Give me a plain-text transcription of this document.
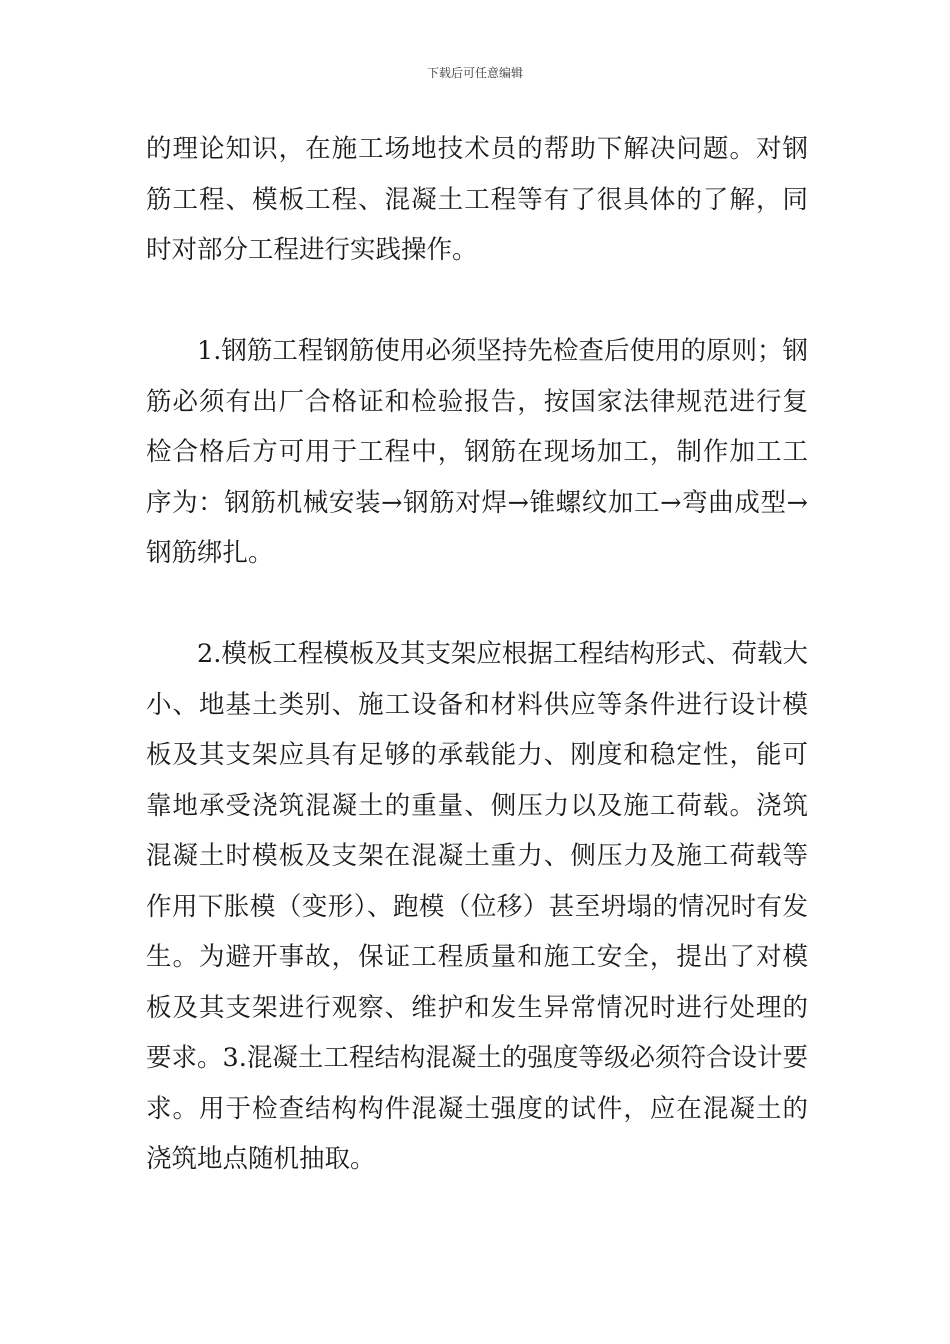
下载后可任意编辑

的理论知识，在施工场地技术员的帮助下解决问题。对钢筋工程、模板工程、混凝土工程等有了很具体的了解，同时对部分工程进行实践操作。

1.钢筋工程钢筋使用必须坚持先检查后使用的原则；钢筋必须有出厂合格证和检验报告，按国家法律规范进行复检合格后方可用于工程中，钢筋在现场加工，制作加工工序为：钢筋机械安装→钢筋对焊→锥螺纹加工→弯曲成型→钢筋绑扎。

2.模板工程模板及其支架应根据工程结构形式、荷载大小、地基土类别、施工设备和材料供应等条件进行设计模板及其支架应具有足够的承载能力、刚度和稳定性，能可靠地承受浇筑混凝土的重量、侧压力以及施工荷载。浇筑混凝土时模板及支架在混凝土重力、侧压力及施工荷载等作用下胀模（变形）、跑模（位移）甚至坍塌的情况时有发生。为避开事故，保证工程质量和施工安全，提出了对模板及其支架进行观察、维护和发生异常情况时进行处理的要求。3.混凝土工程结构混凝土的强度等级必须符合设计要求。用于检查结构构件混凝土强度的试件，应在混凝土的浇筑地点随机抽取。
